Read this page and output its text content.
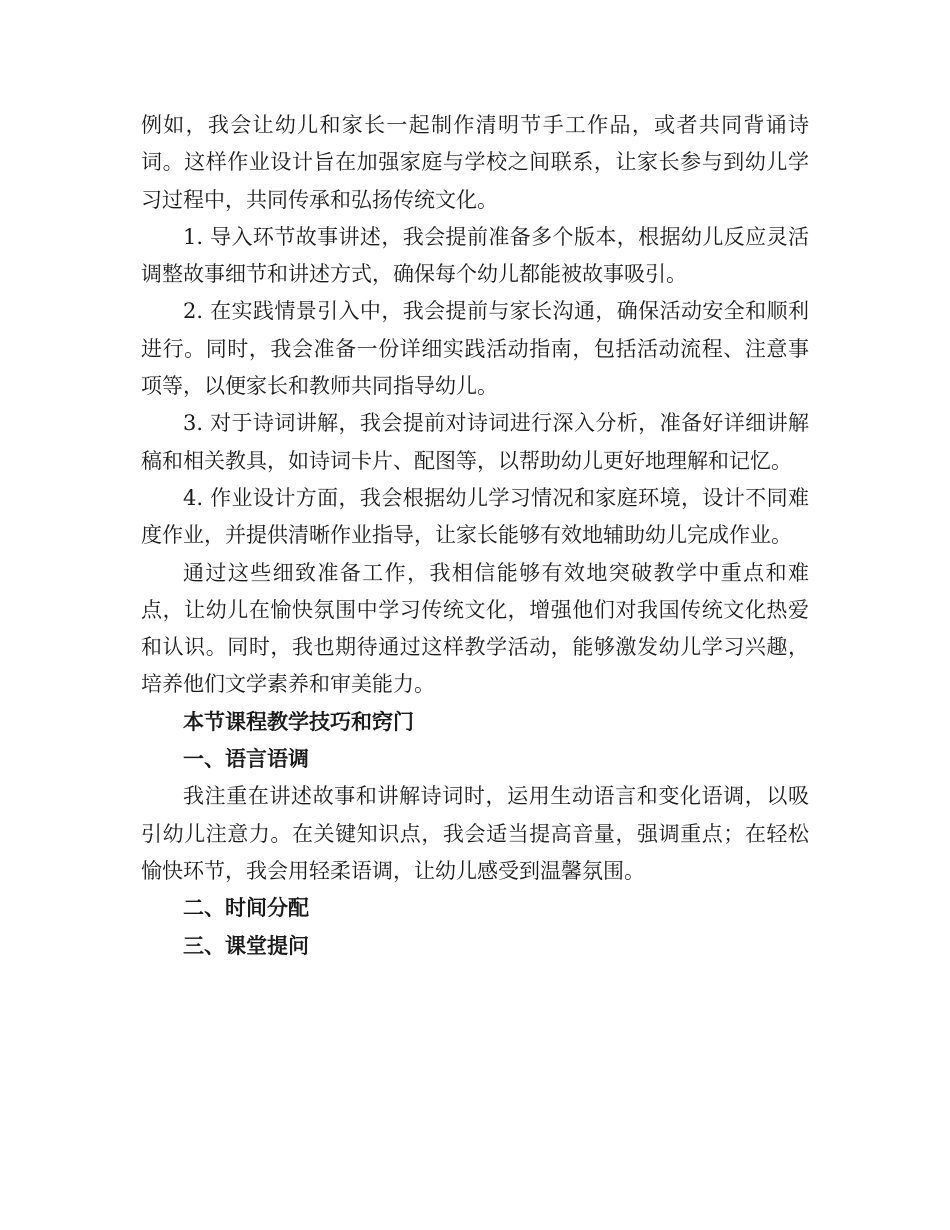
例如，我会让幼儿和家长一起制作清明节手工作品，或者共同背诵诗词。这样作业设计旨在加强家庭与学校之间联系，让家长参与到幼儿学习过程中，共同传承和弘扬传统文化。

1. 导入环节故事讲述，我会提前准备多个版本，根据幼儿反应灵活调整故事细节和讲述方式，确保每个幼儿都能被故事吸引。

2. 在实践情景引入中，我会提前与家长沟通，确保活动安全和顺利进行。同时，我会准备一份详细实践活动指南，包括活动流程、注意事项等，以便家长和教师共同指导幼儿。

3. 对于诗词讲解，我会提前对诗词进行深入分析，准备好详细讲解稿和相关教具，如诗词卡片、配图等，以帮助幼儿更好地理解和记忆。

4. 作业设计方面，我会根据幼儿学习情况和家庭环境，设计不同难度作业，并提供清晰作业指导，让家长能够有效地辅助幼儿完成作业。

通过这些细致准备工作，我相信能够有效地突破教学中重点和难点，让幼儿在愉快氛围中学习传统文化，增强他们对我国传统文化热爱和认识。同时，我也期待通过这样教学活动，能够激发幼儿学习兴趣，培养他们文学素养和审美能力。

本节课程教学技巧和窍门

一、语言语调

我注重在讲述故事和讲解诗词时，运用生动语言和变化语调，以吸引幼儿注意力。在关键知识点，我会适当提高音量，强调重点；在轻松愉快环节，我会用轻柔语调，让幼儿感受到温馨氛围。

二、时间分配

三、课堂提问
